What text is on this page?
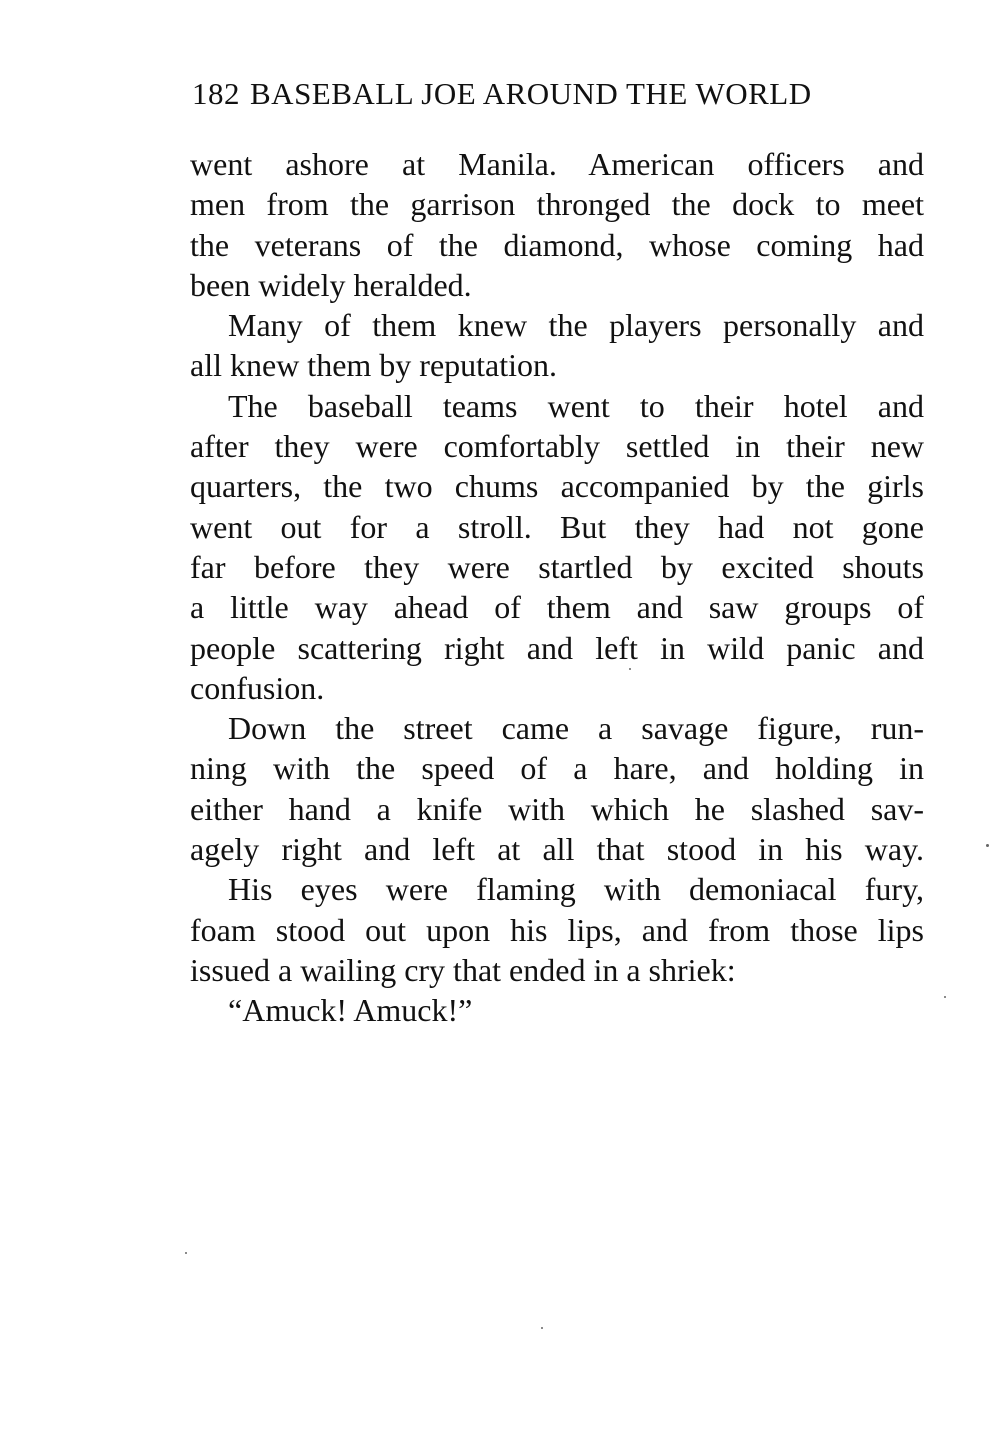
182 BASEBALL JOE AROUND THE WORLD
went ashore at Manila. American officers and
men from the garrison thronged the dock to meet
the veterans of the diamond, whose coming had
been widely heralded.
Many of them knew the players personally and
all knew them by reputation.
The baseball teams went to their hotel and
after they were comfortably settled in their new
quarters, the two chums accompanied by the girls
went out for a stroll. But they had not gone
far before they were startled by excited shouts
a little way ahead of them and saw groups of
people scattering right and left in wild panic and
confusion.
Down the street came a savage figure, run-
ning with the speed of a hare, and holding in
either hand a knife with which he slashed sav-
agely right and left at all that stood in his way.
His eyes were flaming with demoniacal fury,
foam stood out upon his lips, and from those lips
issued a wailing cry that ended in a shriek:
“Amuck! Amuck!”
